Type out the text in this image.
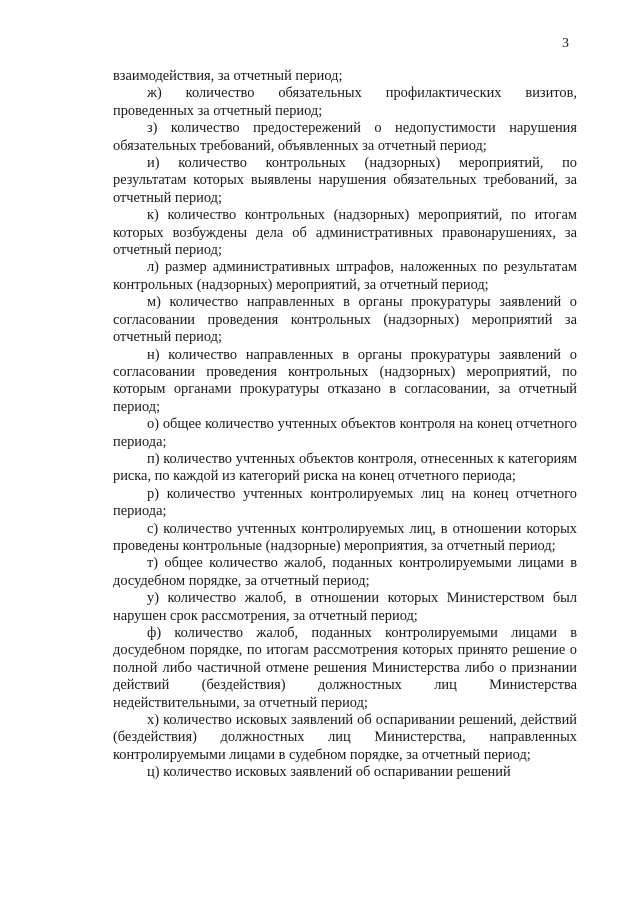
3

взаимодействия, за отчетный период;

ж) количество обязательных профилактических визитов, проведенных за отчетный период;

з) количество предостережений о недопустимости нарушения обязательных требований, объявленных за отчетный период;

и) количество контрольных (надзорных) мероприятий, по результатам которых выявлены нарушения обязательных требований, за отчетный период;

к) количество контрольных (надзорных) мероприятий, по итогам которых возбуждены дела об административных правонарушениях, за отчетный период;

л) размер административных штрафов, наложенных по результатам контрольных (надзорных) мероприятий, за отчетный период;

м) количество направленных в органы прокуратуры заявлений о согласовании проведения контрольных (надзорных) мероприятий за отчетный период;

н) количество направленных в органы прокуратуры заявлений о согласовании проведения контрольных (надзорных) мероприятий, по которым органами прокуратуры отказано в согласовании, за отчетный период;

о) общее количество учтенных объектов контроля на конец отчетного периода;

п) количество учтенных объектов контроля, отнесенных к категориям риска, по каждой из категорий риска на конец отчетного периода;

р) количество учтенных контролируемых лиц на конец отчетного периода;

с) количество учтенных контролируемых лиц, в отношении которых проведены контрольные (надзорные) мероприятия, за отчетный период;

т) общее количество жалоб, поданных контролируемыми лицами в досудебном порядке, за отчетный период;

у) количество жалоб, в отношении которых Министерством был нарушен срок рассмотрения, за отчетный период;

ф) количество жалоб, поданных контролируемыми лицами в досудебном порядке, по итогам рассмотрения которых принято решение о полной либо частичной отмене решения Министерства либо о признании действий (бездействия) должностных лиц Министерства недействительными, за отчетный период;

х) количество исковых заявлений об оспаривании решений, действий (бездействия) должностных лиц Министерства, направленных контролируемыми лицами в судебном порядке, за отчетный период;

ц) количество исковых заявлений об оспаривании решений
